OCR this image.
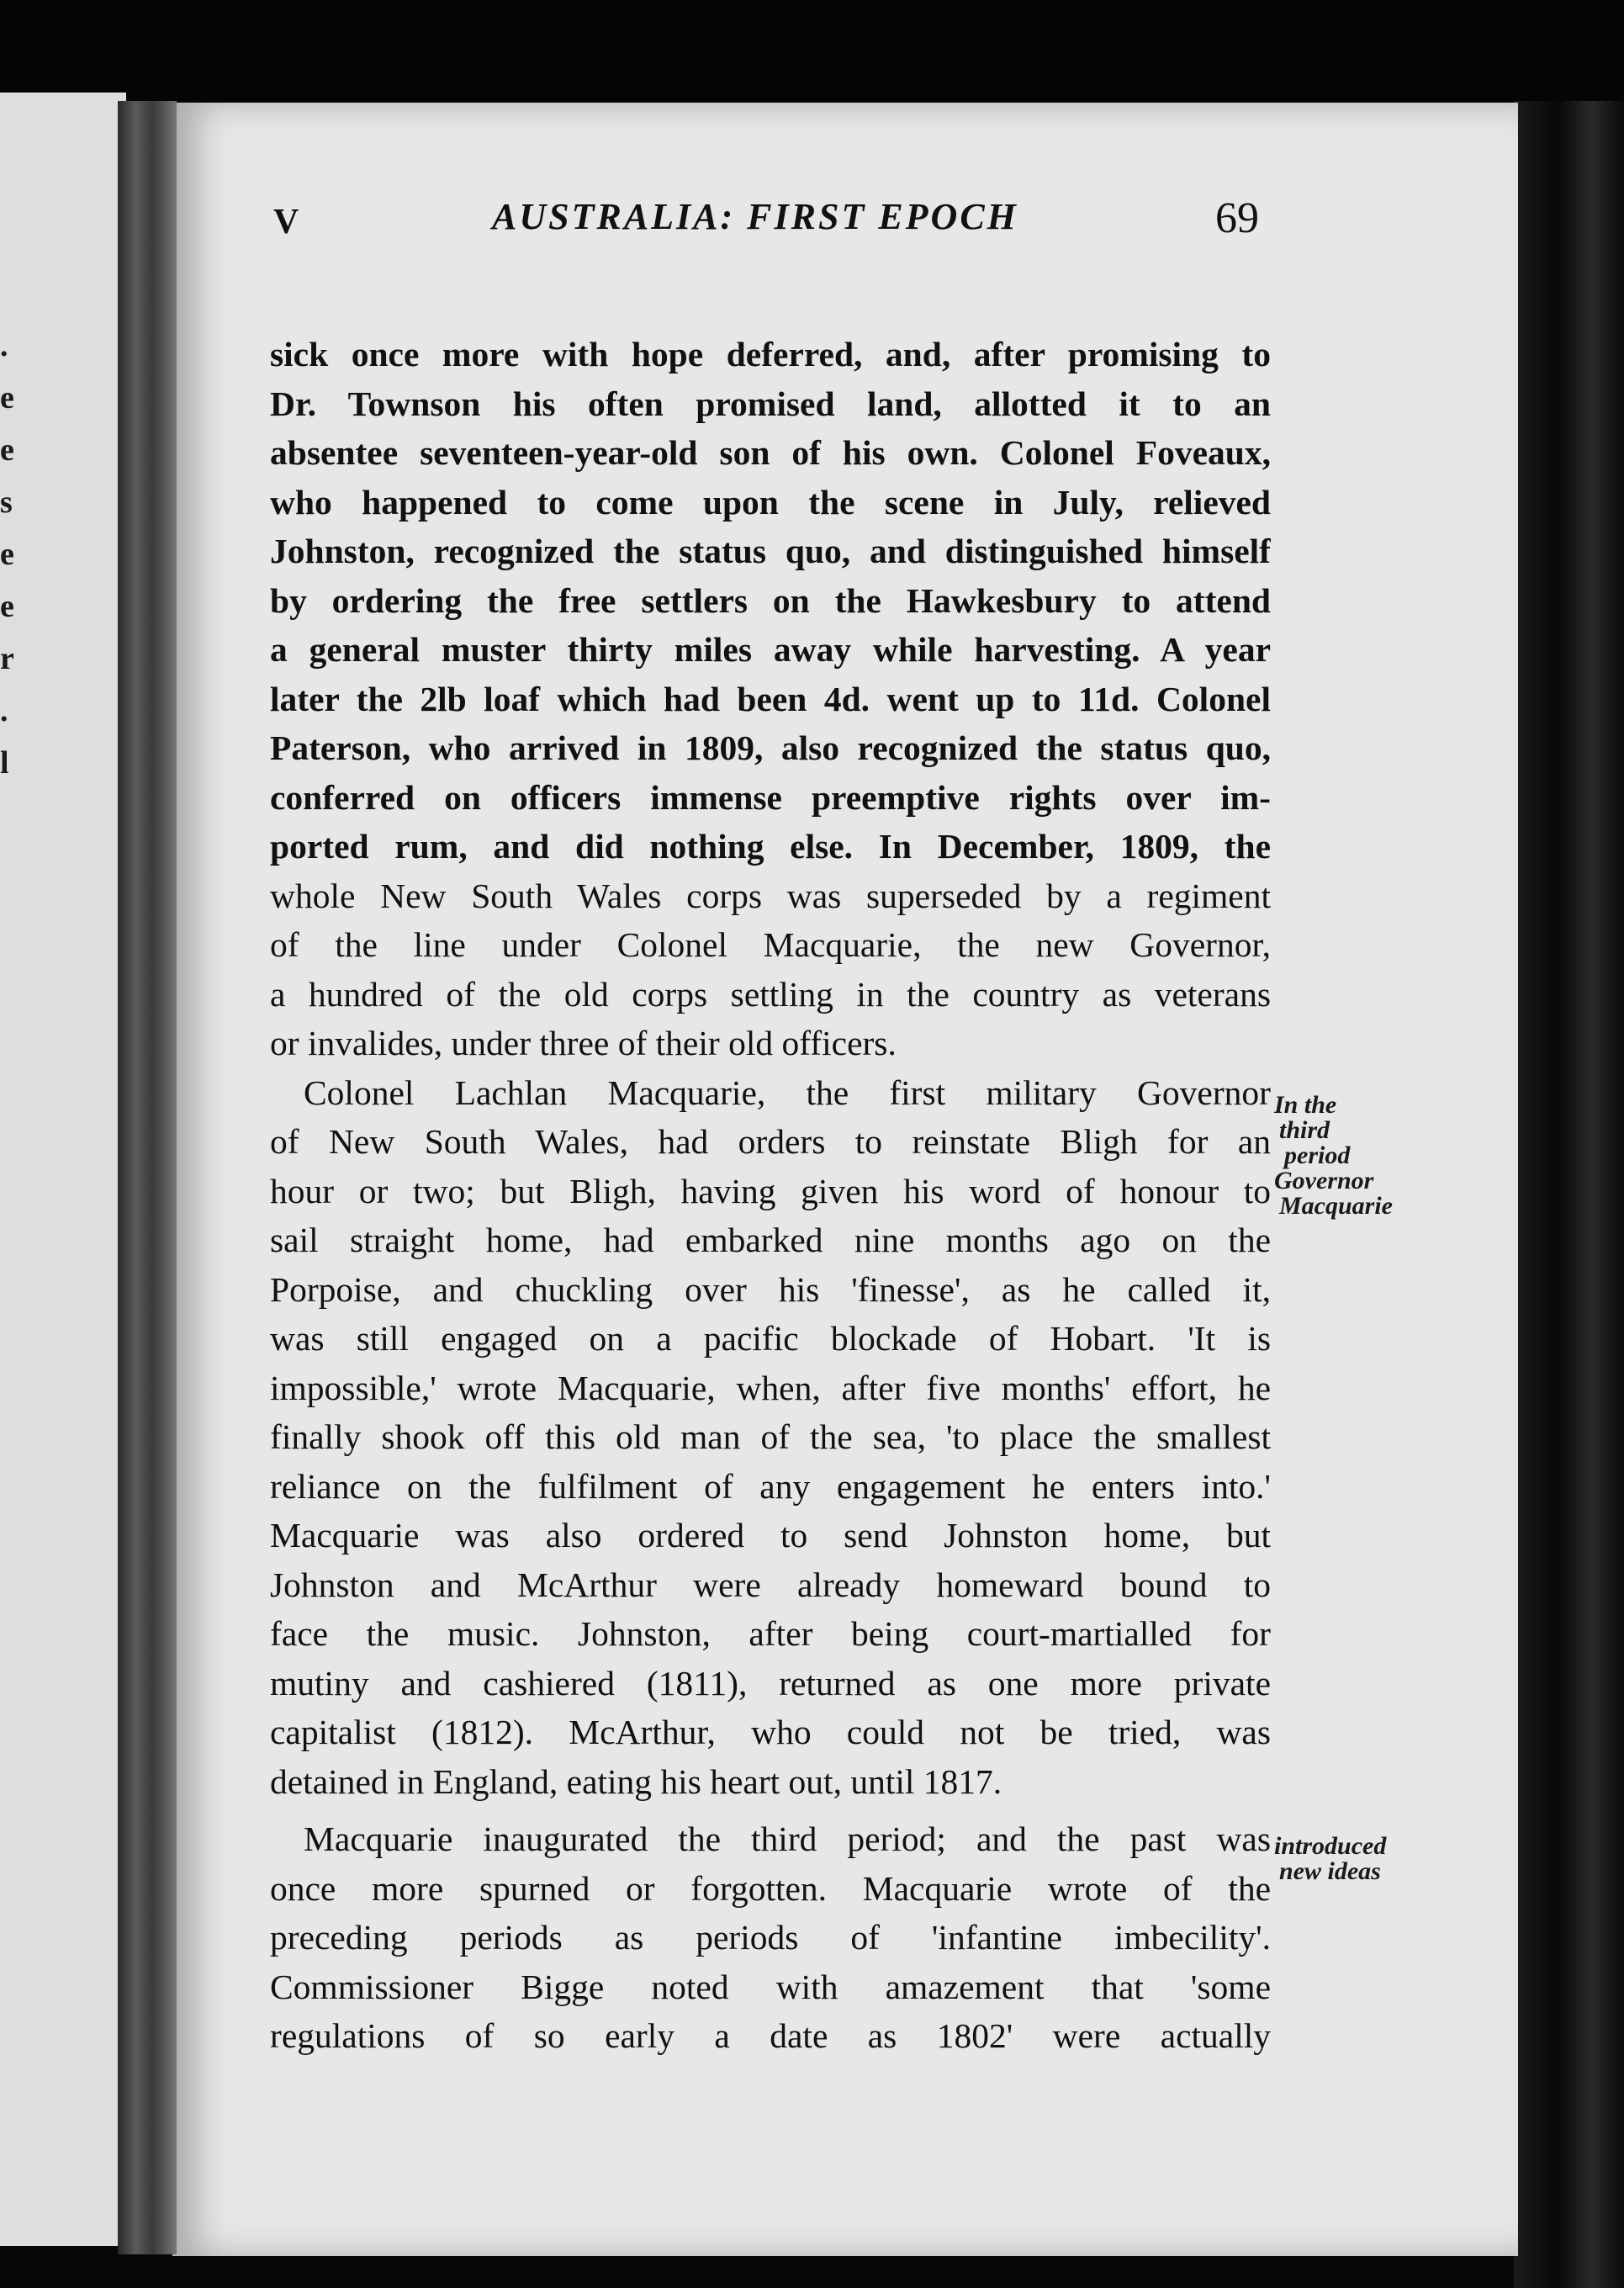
.
e
e
s
e
e
r
.
l
V	AUSTRALIA: FIRST EPOCH	69
sick once more with hope deferred, and, after promising to
Dr. Townson his often promised land, allotted it to an
absentee seventeen-year-old son of his own. Colonel Foveaux,
who happened to come upon the scene in July, relieved
Johnston, recognized the status quo, and distinguished himself
by ordering the free settlers on the Hawkesbury to attend
a general muster thirty miles away while harvesting. A year
later the 2lb loaf which had been 4d. went up to 11d. Colonel
Paterson, who arrived in 1809, also recognized the status quo,
conferred on officers immense preemptive rights over im-
ported rum, and did nothing else. In December, 1809, the
whole New South Wales corps was superseded by a regiment
of the line under Colonel Macquarie, the new Governor,
a hundred of the old corps settling in the country as veterans
or invalides, under three of their old officers.
Colonel Lachlan Macquarie, the first military Governor
of New South Wales, had orders to reinstate Bligh for an
hour or two; but Bligh, having given his word of honour to
sail straight home, had embarked nine months ago on the
Porpoise, and chuckling over his 'finesse', as he called it,
was still engaged on a pacific blockade of Hobart. 'It is
impossible,' wrote Macquarie, when, after five months' effort, he
finally shook off this old man of the sea, 'to place the smallest
reliance on the fulfilment of any engagement he enters into.'
Macquarie was also ordered to send Johnston home, but
Johnston and McArthur were already homeward bound to
face the music. Johnston, after being court-martialled for
mutiny and cashiered (1811), returned as one more private
capitalist (1812). McArthur, who could not be tried, was
detained in England, eating his heart out, until 1817.
Macquarie inaugurated the third period; and the past was
once more spurned or forgotten. Macquarie wrote of the
preceding periods as periods of 'infantine imbecility'.
Commissioner Bigge noted with amazement that 'some
regulations of so early a date as 1802' were actually
In the
third
period
Governor
Macquarie
introduced
new ideas
